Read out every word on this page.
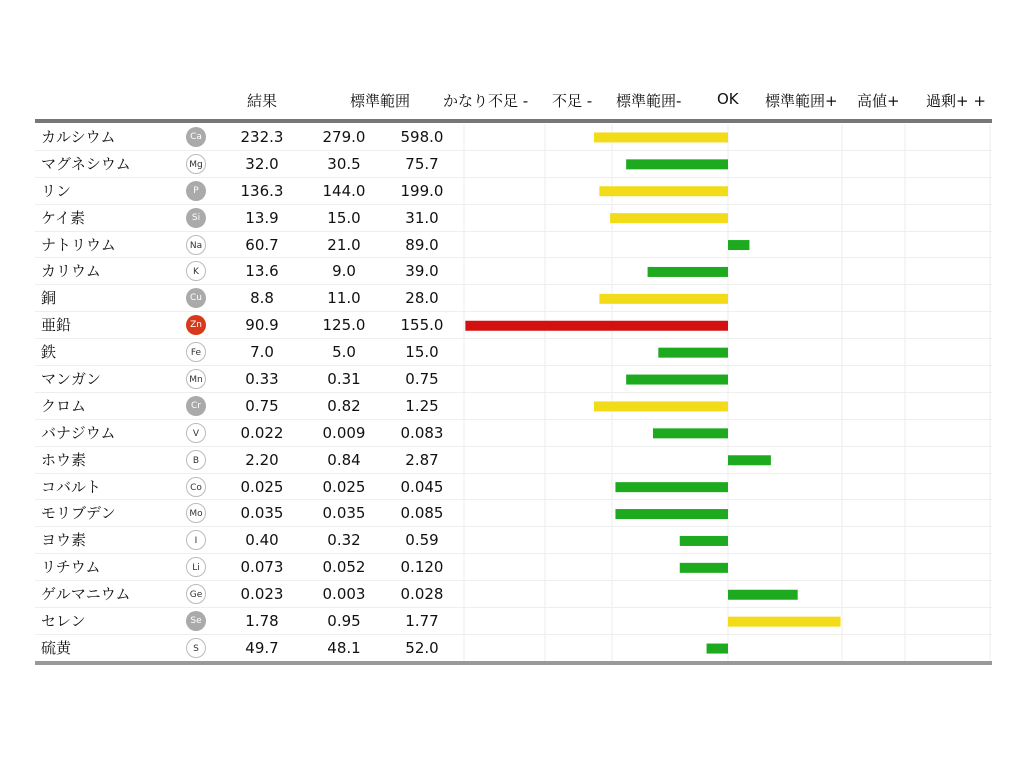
結果	標準範囲 かなり不足 - 不足 - 標準範囲- OK 標準範囲+ 高値+ 過剰+ +
カルシウム	Ca	232.3	279.0	598.0
マグネシウム	Mg	32.0	30.5	75.7
リン	P	136.3	144.0	199.0
ケイ素	Si	13.9	15.0	31.0
ナトリウム	Na	60.7	21.0	89.0
カリウム	K	13.6	9.0	39.0
銅	Cu	8.8	11.0	28.0
亜鉛	Zn	90.9	125.0	155.0
鉄	Fe	7.0	5.0	15.0
マンガン	Mn	0.33	0.31	0.75
クロム	Cr	0.75	0.82	1.25
バナジウム	V	0.022	0.009	0.083
ホウ素	B	2.20	0.84	2.87
コバルト	Co	0.025	0.025	0.045
モリブデン	Mo	0.035	0.035	0.085
ヨウ素	I	0.40	0.32	0.59
リチウム	Li	0.073	0.052	0.120
ゲルマニウム	Ge	0.023	0.003	0.028
セレン	Se	1.78	0.95	1.77
硫黄	S	49.7	48.1	52.0
